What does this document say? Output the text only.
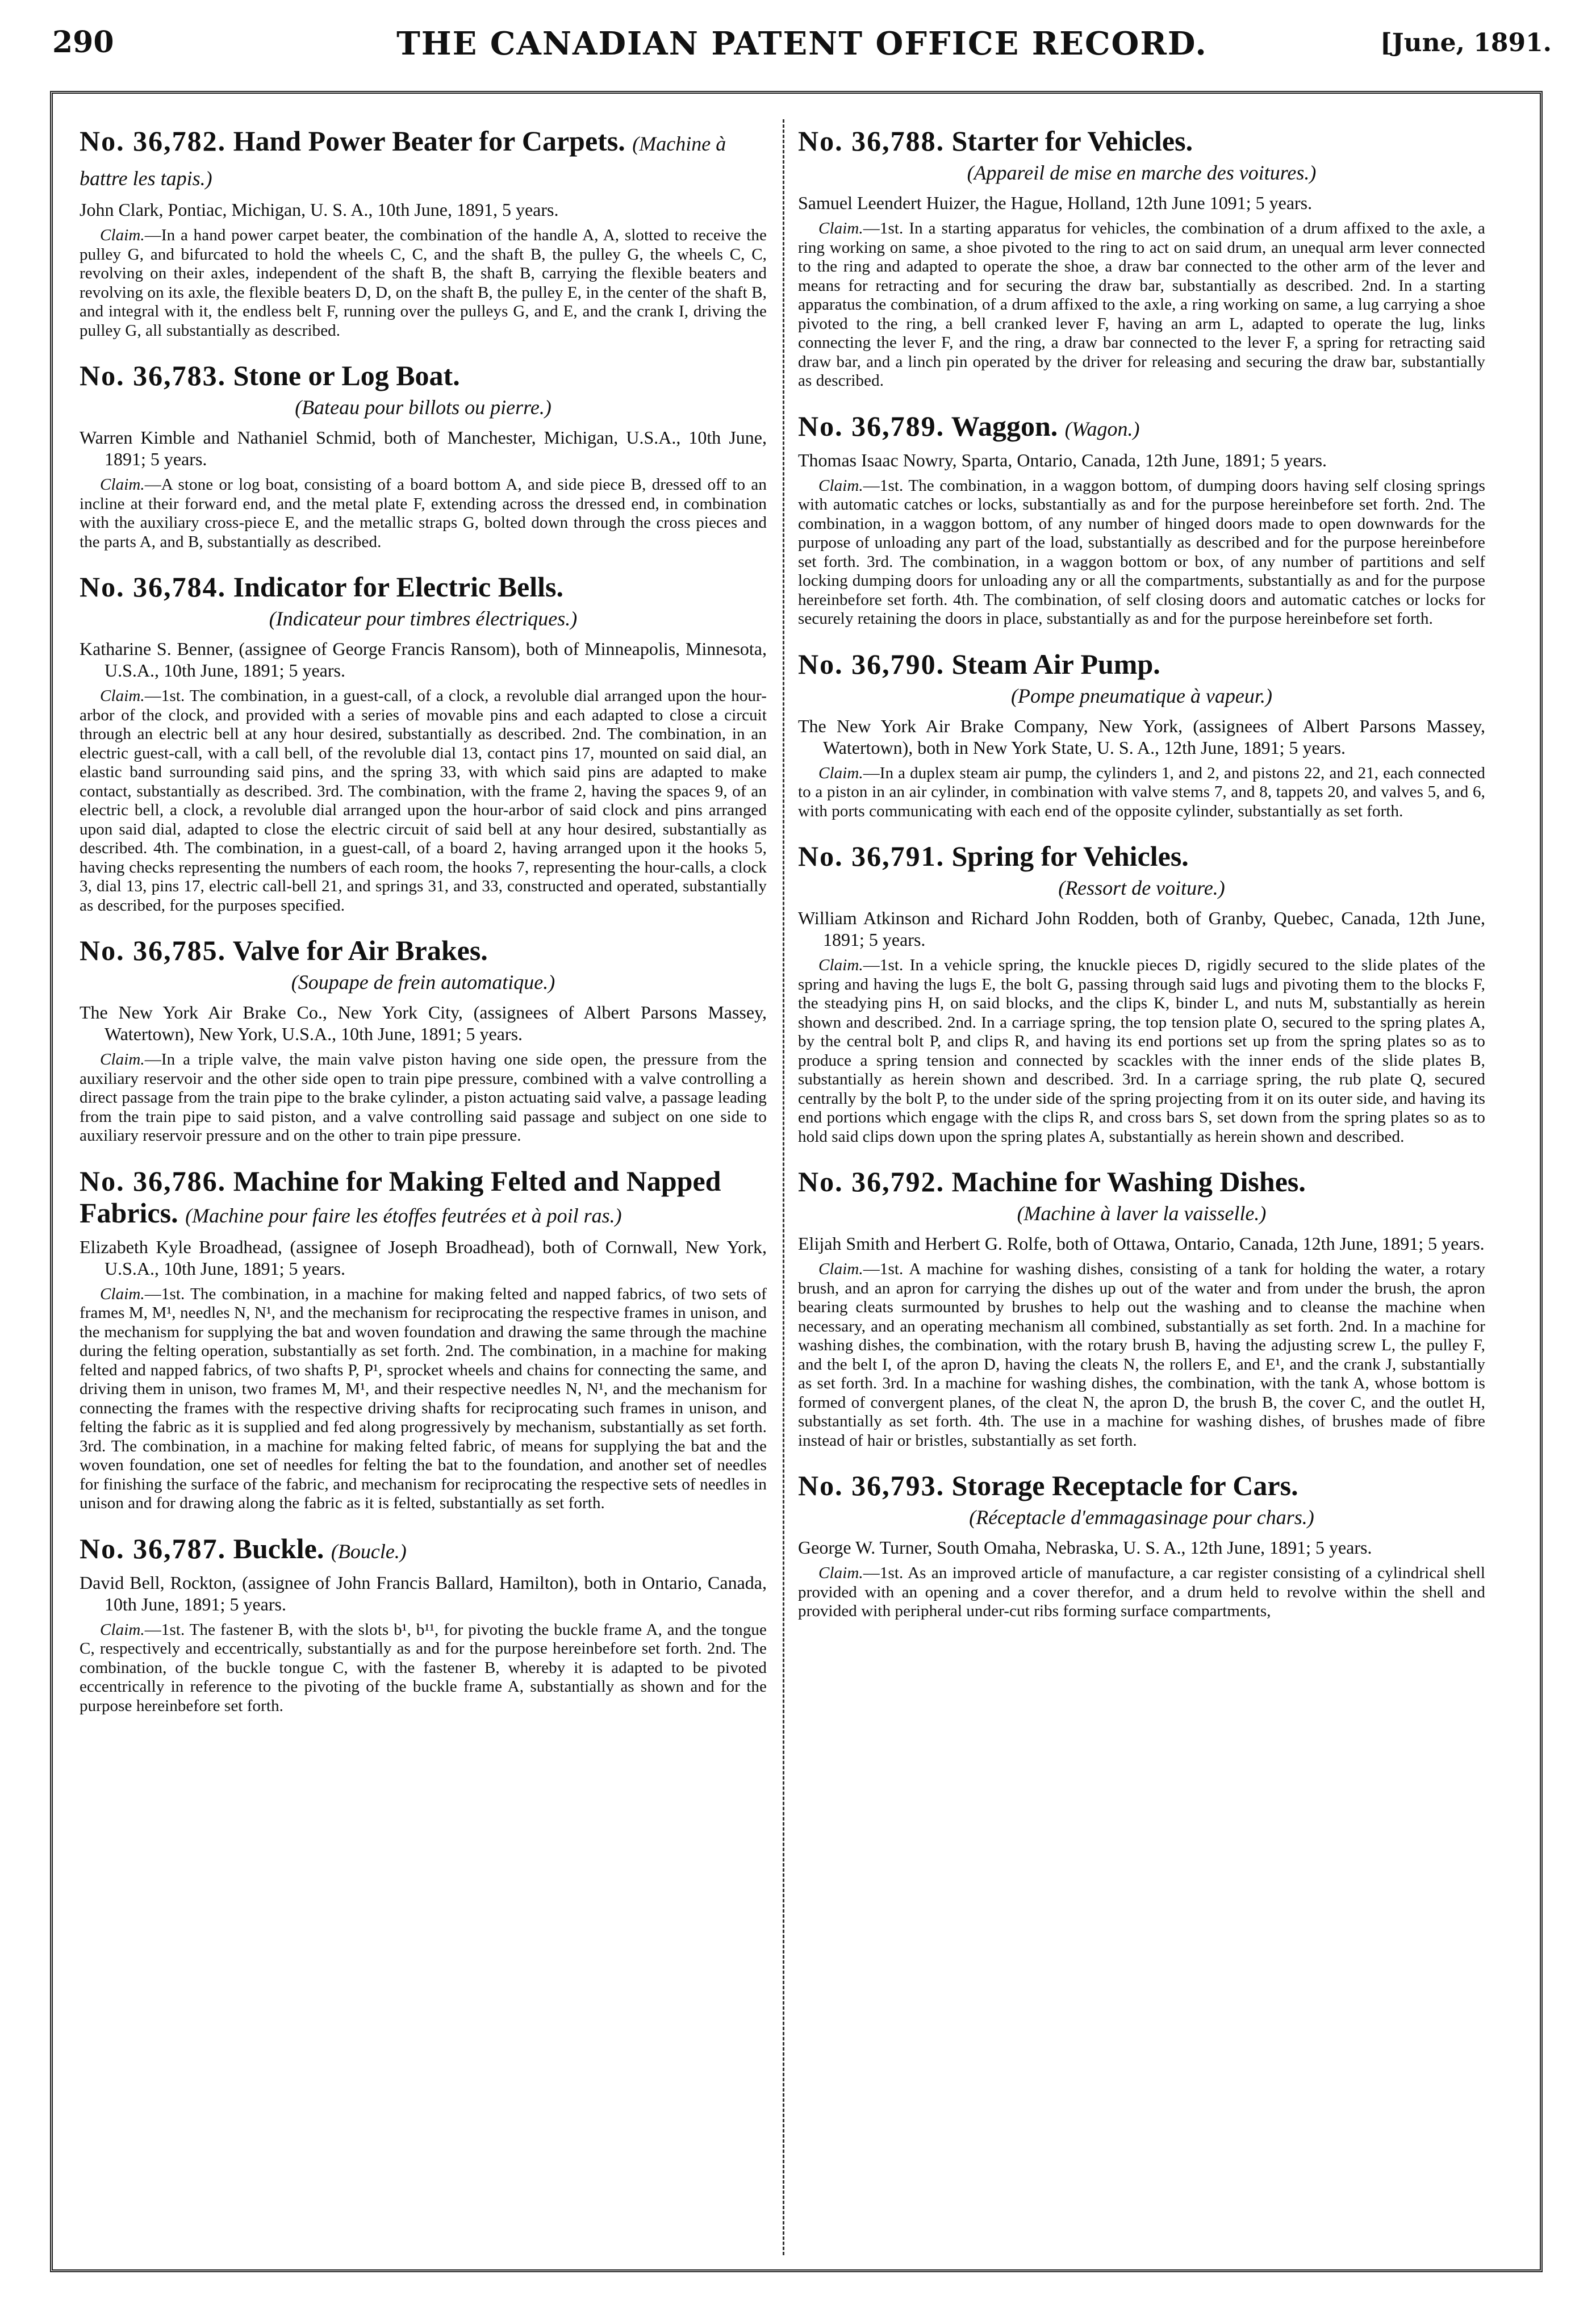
290	THE CANADIAN PATENT OFFICE RECORD.	[June, 1891.
No. 36,782. Hand Power Beater for Carpets. (Machine à battre les tapis.)
John Clark, Pontiac, Michigan, U. S. A., 10th June, 1891, 5 years.

Claim.—In a hand power carpet beater, the combination of the handle A, A, slotted to receive the pulley G, and bifurcated to hold the wheels C, C, and the shaft B, the pulley G, the wheels C, C, revolving on their axles, independent of the shaft B, the shaft B, carrying the flexible beaters and revolving on its axle, the flexible beaters D, D, on the shaft B, the pulley E, in the center of the shaft B, and integral with it, the endless belt F, running over the pulleys G, and E, and the crank I, driving the pulley G, all substantially as described.

No. 36,783. Stone or Log Boat.
(Bateau pour billots ou pierre.)
Warren Kimble and Nathaniel Schmid, both of Manchester, Michigan, U.S.A., 10th June, 1891; 5 years.

Claim.—A stone or log boat, consisting of a board bottom A, and side piece B, dressed off to an incline at their forward end, and the metal plate F, extending across the dressed end, in combination with the auxiliary cross-piece E, and the metallic straps G, bolted down through the cross pieces and the parts A, and B, substantially as described.

No. 36,784. Indicator for Electric Bells.
(Indicateur pour timbres électriques.)
Katharine S. Benner, (assignee of George Francis Ransom), both of Minneapolis, Minnesota, U.S.A., 10th June, 1891; 5 years.

Claim.—1st. The combination, in a guest-call, of a clock, a revoluble dial arranged upon the hour-arbor of the clock, and provided with a series of movable pins and each adapted to close a circuit through an electric bell at any hour desired, substantially as described. 2nd. The combination, in an electric guest-call, with a call bell, of the revoluble dial 13, contact pins 17, mounted on said dial, an elastic band surrounding said pins, and the spring 33, with which said pins are adapted to make contact, substantially as described. 3rd. The combination, with the frame 2, having the spaces 9, of an electric bell, a clock, a revoluble dial arranged upon the hour-arbor of said clock and pins arranged upon said dial, adapted to close the electric circuit of said bell at any hour desired, substantially as described. 4th. The combination, in a guest-call, of a board 2, having arranged upon it the hooks 5, having checks representing the numbers of each room, the hooks 7, representing the hour-calls, a clock 3, dial 13, pins 17, electric call-bell 21, and springs 31, and 33, constructed and operated, substantially as described, for the purposes specified.

No. 36,785. Valve for Air Brakes.
(Soupape de frein automatique.)
The New York Air Brake Co., New York City, (assignees of Albert Parsons Massey, Watertown), New York, U.S.A., 10th June, 1891; 5 years.

Claim.—In a triple valve, the main valve piston having one side open, the pressure from the auxiliary reservoir and the other side open to train pipe pressure, combined with a valve controlling a direct passage from the train pipe to the brake cylinder, a piston actuating said valve, a passage leading from the train pipe to said piston, and a valve controlling said passage and subject on one side to auxiliary reservoir pressure and on the other to train pipe pressure.

No. 36,786. Machine for Making Felted and Napped Fabrics. (Machine pour faire les étoffes feutrées et à poil ras.)
Elizabeth Kyle Broadhead, (assignee of Joseph Broadhead), both of Cornwall, New York, U.S.A., 10th June, 1891; 5 years.

Claim.—1st. The combination, in a machine for making felted and napped fabrics, of two sets of frames M, M¹, needles N, N¹, and the mechanism for reciprocating the respective frames in unison, and the mechanism for supplying the bat and woven foundation and drawing the same through the machine during the felting operation, substantially as set forth. 2nd. The combination, in a machine for making felted and napped fabrics, of two shafts P, P¹, sprocket wheels and chains for connecting the same, and driving them in unison, two frames M, M¹, and their respective needles N, N¹, and the mechanism for connecting the frames with the respective driving shafts for reciprocating such frames in unison, and felting the fabric as it is supplied and fed along progressively by mechanism, substantially as set forth. 3rd. The combination, in a machine for making felted fabric, of means for supplying the bat and the woven foundation, one set of needles for felting the bat to the foundation, and another set of needles for finishing the surface of the fabric, and mechanism for reciprocating the respective sets of needles in unison and for drawing along the fabric as it is felted, substantially as set forth.

No. 36,787. Buckle. (Boucle.)
David Bell, Rockton, (assignee of John Francis Ballard, Hamilton), both in Ontario, Canada, 10th June, 1891; 5 years.

Claim.—1st. The fastener B, with the slots b¹, b¹¹, for pivoting the buckle frame A, and the tongue C, respectively and eccentrically, substantially as and for the purpose hereinbefore set forth. 2nd. The combination, of the buckle tongue C, with the fastener B, whereby it is adapted to be pivoted eccentrically in reference to the pivoting of the buckle frame A, substantially as shown and for the purpose hereinbefore set forth.

No. 36,788. Starter for Vehicles.
(Appareil de mise en marche des voitures.)
Samuel Leendert Huizer, the Hague, Holland, 12th June 1091; 5 years.

Claim.—1st. In a starting apparatus for vehicles, the combination of a drum affixed to the axle, a ring working on same, a shoe pivoted to the ring to act on said drum, an unequal arm lever connected to the ring and adapted to operate the shoe, a draw bar connected to the other arm of the lever and means for retracting and for securing the draw bar, substantially as described. 2nd. In a starting apparatus the combination, of a drum affixed to the axle, a ring working on same, a lug carrying a shoe pivoted to the ring, a bell cranked lever F, having an arm L, adapted to operate the lug, links connecting the lever F, and the ring, a draw bar connected to the lever F, a spring for retracting said draw bar, and a linch pin operated by the driver for releasing and securing the draw bar, substantially as described.

No. 36,789. Waggon. (Wagon.)
Thomas Isaac Nowry, Sparta, Ontario, Canada, 12th June, 1891; 5 years.

Claim.—1st. The combination, in a waggon bottom, of dumping doors having self closing springs with automatic catches or locks, substantially as and for the purpose hereinbefore set forth. 2nd. The combination, in a waggon bottom, of any number of hinged doors made to open downwards for the purpose of unloading any part of the load, substantially as described and for the purpose hereinbefore set forth. 3rd. The combination, in a waggon bottom or box, of any number of partitions and self locking dumping doors for unloading any or all the compartments, substantially as and for the purpose hereinbefore set forth. 4th. The combination, of self closing doors and automatic catches or locks for securely retaining the doors in place, substantially as and for the purpose hereinbefore set forth.

No. 36,790. Steam Air Pump.
(Pompe pneumatique à vapeur.)
The New York Air Brake Company, New York, (assignees of Albert Parsons Massey, Watertown), both in New York State, U. S. A., 12th June, 1891; 5 years.

Claim.—In a duplex steam air pump, the cylinders 1, and 2, and pistons 22, and 21, each connected to a piston in an air cylinder, in combination with valve stems 7, and 8, tappets 20, and valves 5, and 6, with ports communicating with each end of the opposite cylinder, substantially as set forth.

No. 36,791. Spring for Vehicles.
(Ressort de voiture.)
William Atkinson and Richard John Rodden, both of Granby, Quebec, Canada, 12th June, 1891; 5 years.

Claim.—1st. In a vehicle spring, the knuckle pieces D, rigidly secured to the slide plates of the spring and having the lugs E, the bolt G, passing through said lugs and pivoting them to the blocks F, the steadying pins H, on said blocks, and the clips K, binder L, and nuts M, substantially as herein shown and described. 2nd. In a carriage spring, the top tension plate O, secured to the spring plates A, by the central bolt P, and clips R, and having its end portions set up from the spring plates so as to produce a spring tension and connected by scackles with the inner ends of the slide plates B, substantially as herein shown and described. 3rd. In a carriage spring, the rub plate Q, secured centrally by the bolt P, to the under side of the spring projecting from it on its outer side, and having its end portions which engage with the clips R, and cross bars S, set down from the spring plates so as to hold said clips down upon the spring plates A, substantially as herein shown and described.

No. 36,792. Machine for Washing Dishes.
(Machine à laver la vaisselle.)
Elijah Smith and Herbert G. Rolfe, both of Ottawa, Ontario, Canada, 12th June, 1891; 5 years.

Claim.—1st. A machine for washing dishes, consisting of a tank for holding the water, a rotary brush, and an apron for carrying the dishes up out of the water and from under the brush, the apron bearing cleats surmounted by brushes to help out the washing and to cleanse the machine when necessary, and an operating mechanism all combined, substantially as set forth. 2nd. In a machine for washing dishes, the combination, with the rotary brush B, having the adjusting screw L, the pulley F, and the belt I, of the apron D, having the cleats N, the rollers E, and E¹, and the crank J, substantially as set forth. 3rd. In a machine for washing dishes, the combination, with the tank A, whose bottom is formed of convergent planes, of the cleat N, the apron D, the brush B, the cover C, and the outlet H, substantially as set forth. 4th. The use in a machine for washing dishes, of brushes made of fibre instead of hair or bristles, substantially as set forth.

No. 36,793. Storage Receptacle for Cars.
(Réceptacle d'emmagasinage pour chars.)
George W. Turner, South Omaha, Nebraska, U. S. A., 12th June, 1891; 5 years.

Claim.—1st. As an improved article of manufacture, a car register consisting of a cylindrical shell provided with an opening and a cover therefor, and a drum held to revolve within the shell and provided with peripheral under-cut ribs forming surface compartments,
